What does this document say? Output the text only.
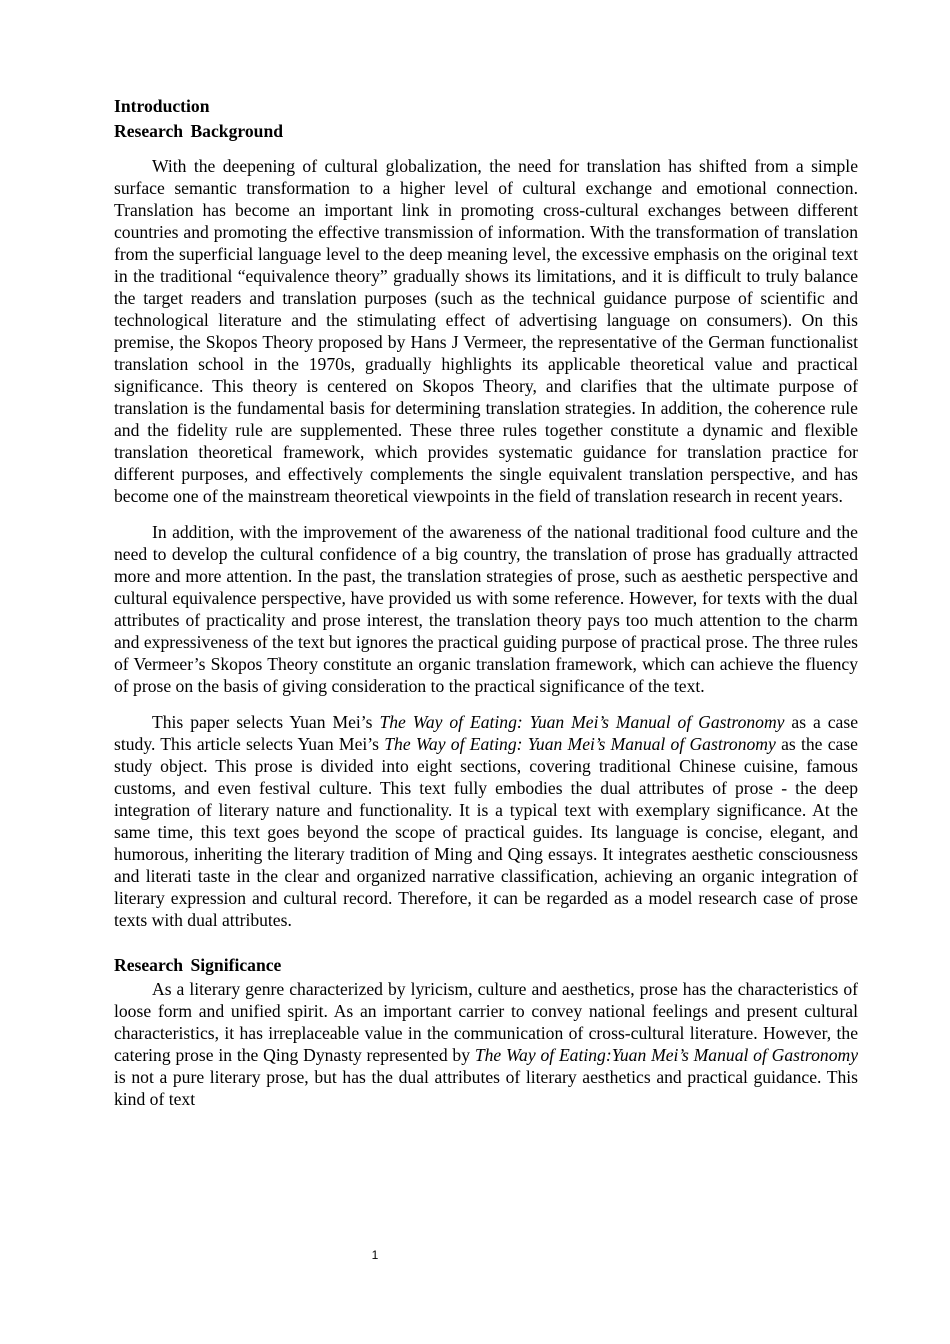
Introduction

Research Background

With the deepening of cultural globalization, the need for translation has shifted from a simple surface semantic transformation to a higher level of cultural exchange and emotional connection. Translation has become an important link in promoting cross-cultural exchanges between different countries and promoting the effective transmission of information. With the transformation of translation from the superficial language level to the deep meaning level, the excessive emphasis on the original text in the traditional “equivalence theory” gradually shows its limitations, and it is difficult to truly balance the target readers and translation purposes (such as the technical guidance purpose of scientific and technological literature and the stimulating effect of advertising language on consumers). On this premise, the Skopos Theory proposed by Hans J Vermeer, the representative of the German functionalist translation school in the 1970s, gradually highlights its applicable theoretical value and practical significance. This theory is centered on Skopos Theory, and clarifies that the ultimate purpose of translation is the fundamental basis for determining translation strategies. In addition, the coherence rule and the fidelity rule are supplemented. These three rules together constitute a dynamic and flexible translation theoretical framework, which provides systematic guidance for translation practice for different purposes, and effectively complements the single equivalent translation perspective, and has become one of the mainstream theoretical viewpoints in the field of translation research in recent years.

In addition, with the improvement of the awareness of the national traditional food culture and the need to develop the cultural confidence of a big country, the translation of prose has gradually attracted more and more attention. In the past, the translation strategies of prose, such as aesthetic perspective and cultural equivalence perspective, have provided us with some reference. However, for texts with the dual attributes of practicality and prose interest, the translation theory pays too much attention to the charm and expressiveness of the text but ignores the practical guiding purpose of practical prose. The three rules of Vermeer’s Skopos Theory constitute an organic translation framework, which can achieve the fluency of prose on the basis of giving consideration to the practical significance of the text.

This paper selects Yuan Mei’s The Way of Eating: Yuan Mei’s Manual of Gastronomy as a case study. This article selects Yuan Mei’s The Way of Eating: Yuan Mei’s Manual of Gastronomy as the case study object. This prose is divided into eight sections, covering traditional Chinese cuisine, famous customs, and even festival culture. This text fully embodies the dual attributes of prose - the deep integration of literary nature and functionality. It is a typical text with exemplary significance. At the same time, this text goes beyond the scope of practical guides. Its language is concise, elegant, and humorous, inheriting the literary tradition of Ming and Qing essays. It integrates aesthetic consciousness and literati taste in the clear and organized narrative classification, achieving an organic integration of literary expression and cultural record. Therefore, it can be regarded as a model research case of prose texts with dual attributes.

Research Significance

As a literary genre characterized by lyricism, culture and aesthetics, prose has the characteristics of loose form and unified spirit. As an important carrier to convey national feelings and present cultural characteristics, it has irreplaceable value in the communication of cross-cultural literature. However, the catering prose in the Qing Dynasty represented by The Way of Eating:Yuan Mei’s Manual of Gastronomy is not a pure literary prose, but has the dual attributes of literary aesthetics and practical guidance. This kind of text

1
